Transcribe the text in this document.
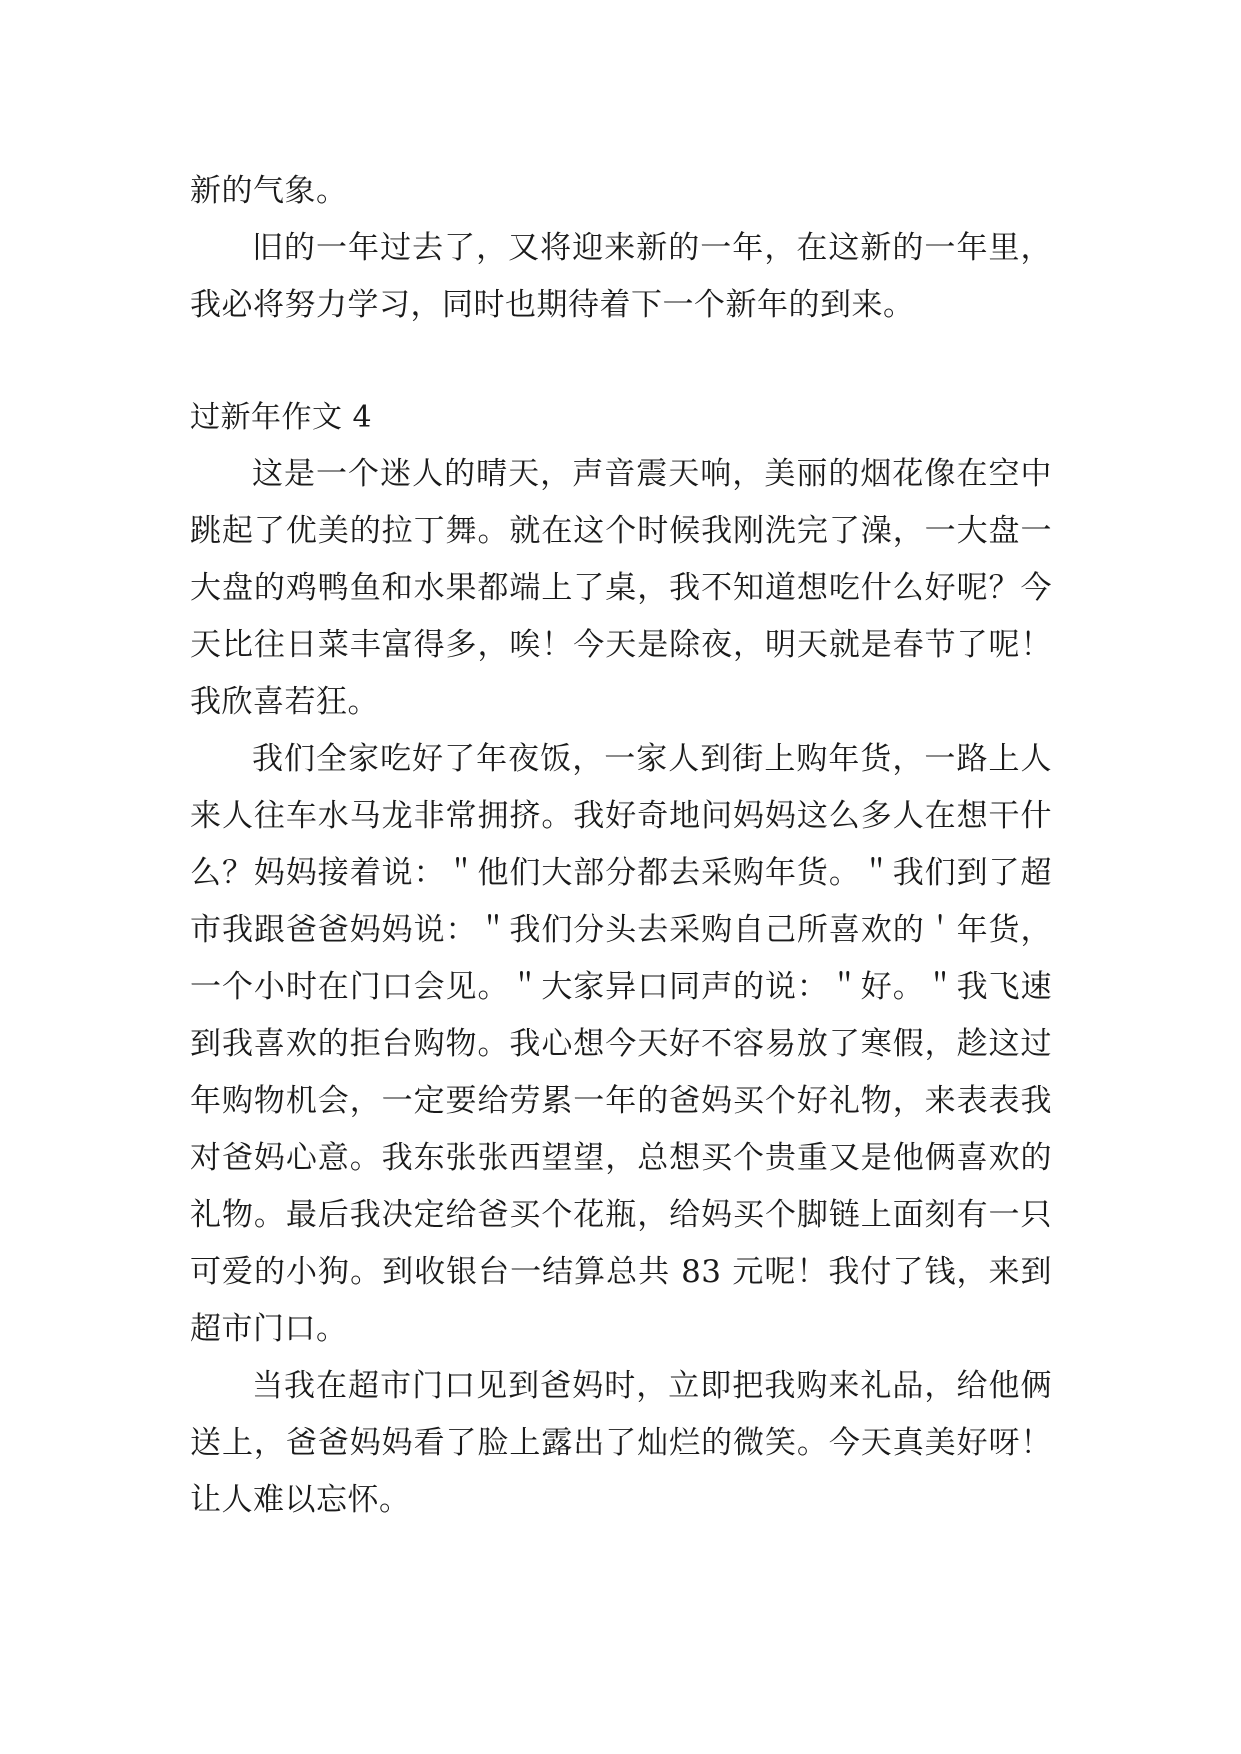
新的气象。

旧的一年过去了，又将迎来新的一年，在这新的一年里，我必将努力学习，同时也期待着下一个新年的到来。

过新年作文 4

这是一个迷人的晴天，声音震天响，美丽的烟花像在空中跳起了优美的拉丁舞。就在这个时候我刚洗完了澡，一大盘一大盘的鸡鸭鱼和水果都端上了桌，我不知道想吃什么好呢？今天比往日菜丰富得多，唉！今天是除夜，明天就是春节了呢！我欣喜若狂。

我们全家吃好了年夜饭，一家人到街上购年货，一路上人来人往车水马龙非常拥挤。我好奇地问妈妈这么多人在想干什么？妈妈接着说：＂他们大部分都去采购年货。＂我们到了超市我跟爸爸妈妈说：＂我们分头去采购自己所喜欢的＇年货，一个小时在门口会见。＂大家异口同声的说：＂好。＂我飞速到我喜欢的拒台购物。我心想今天好不容易放了寒假，趁这过年购物机会，一定要给劳累一年的爸妈买个好礼物，来表表我对爸妈心意。我东张张西望望，总想买个贵重又是他俩喜欢的礼物。最后我决定给爸买个花瓶，给妈买个脚链上面刻有一只可爱的小狗。到收银台一结算总共 83 元呢！我付了钱，来到超市门口。

当我在超市门口见到爸妈时，立即把我购来礼品，给他俩送上，爸爸妈妈看了脸上露出了灿烂的微笑。今天真美好呀！让人难以忘怀。
